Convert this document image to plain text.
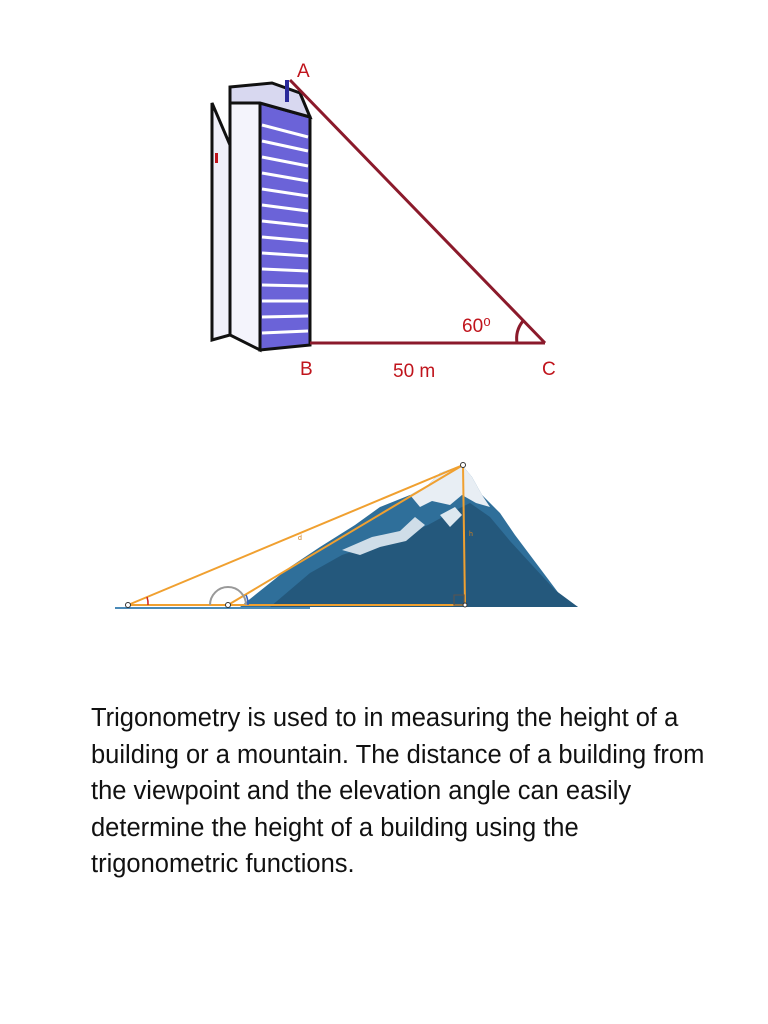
A
B	C
60⁰
50 m
d
h

Trigonometry is used to in measuring the height of a building or a mountain. The distance of a building from the viewpoint and the elevation angle can easily determine the height of a building using the trigonometric functions.
